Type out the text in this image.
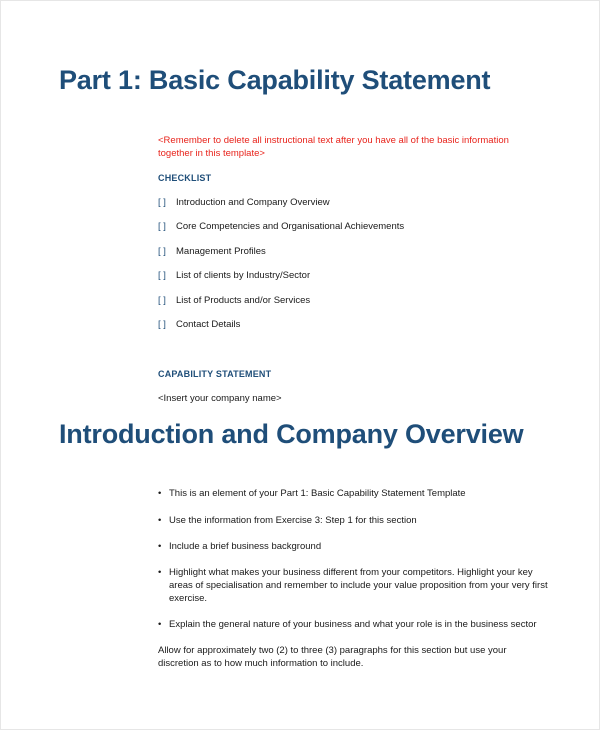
Part 1: Basic Capability Statement
<Remember to delete all instructional text after you have all of the basic information together in this template>
CHECKLIST
[ ] Introduction and Company Overview
[ ] Core Competencies and Organisational Achievements
[ ] Management Profiles
[ ] List of clients by Industry/Sector
[ ] List of Products and/or Services
[ ] Contact Details
CAPABILITY STATEMENT
<Insert your company name>
Introduction and Company Overview
• This is an element of your Part 1: Basic Capability Statement Template
• Use the information from Exercise 3: Step 1 for this section
• Include a brief business background
• Highlight what makes your business different from your competitors. Highlight your key areas of specialisation and remember to include your value proposition from your very first exercise.
• Explain the general nature of your business and what your role is in the business sector
Allow for approximately two (2) to three (3) paragraphs for this section but use your discretion as to how much information to include.
